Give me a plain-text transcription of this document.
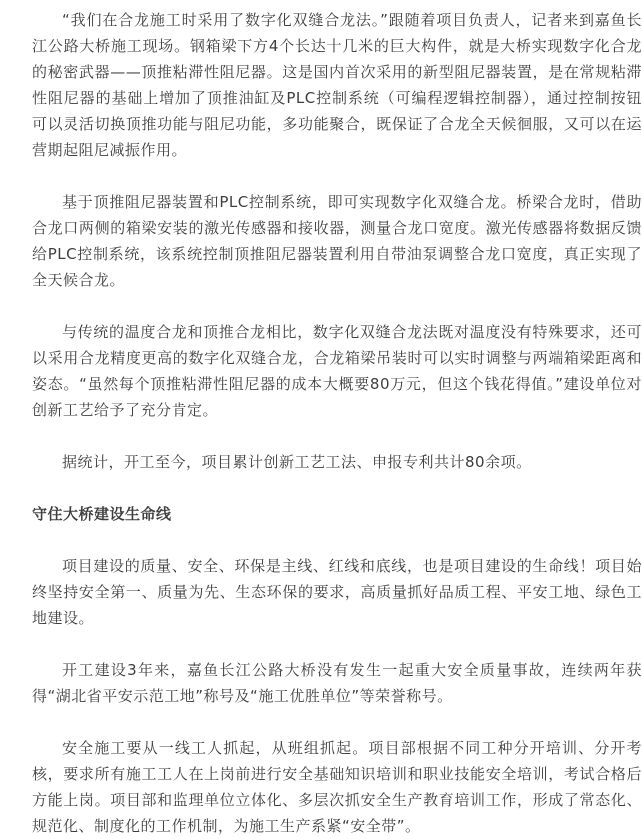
“我们在合龙施工时采用了数字化双缝合龙法。”跟随着项目负责人，记者来到嘉鱼长江公路大桥施工现场。钢箱梁下方4个长达十几米的巨大构件，就是大桥实现数字化合龙的秘密武器——顶推粘滞性阻尼器。这是国内首次采用的新型阻尼器装置，是在常规粘滞性阻尼器的基础上增加了顶推油缸及PLC控制系统（可编程逻辑控制器），通过控制按钮可以灵活切换顶推功能与阻尼功能，多功能聚合，既保证了合龙全天候徊服，又可以在运营期起阻尼减振作用。

基于顶推阻尼器装置和PLC控制系统，即可实现数字化双缝合龙。桥梁合龙时，借助合龙口两侧的箱梁安装的激光传感器和接收器，测量合龙口宽度。激光传感器将数据反馈给PLC控制系统，该系统控制顶推阻尼器装置利用自带油泵调整合龙口宽度，真正实现了全天候合龙。

与传统的温度合龙和顶推合龙相比，数字化双缝合龙法既对温度没有特殊要求，还可以采用合龙精度更高的数字化双缝合龙，合龙箱梁吊装时可以实时调整与两端箱梁距离和姿态。“虽然每个顶推粘滞性阻尼器的成本大概要80万元，但这个钱花得值。”建设单位对创新工艺给予了充分肯定。

据统计，开工至今，项目累计创新工艺工法、申报专利共计80余项。

守住大桥建设生命线

项目建设的质量、安全、环保是主线、红线和底线，也是项目建设的生命线！项目始终坚持安全第一、质量为先、生态环保的要求，高质量抓好品质工程、平安工地、绿色工地建设。

开工建设3年来，嘉鱼长江公路大桥没有发生一起重大安全质量事故，连续两年获得“湖北省平安示范工地”称号及“施工优胜单位”等荣誉称号。

安全施工要从一线工人抓起，从班组抓起。项目部根据不同工种分开培训、分开考核，要求所有施工工人在上岗前进行安全基础知识培训和职业技能安全培训，考试合格后方能上岗。项目部和监理单位立体化、多层次抓安全生产教育培训工作，形成了常态化、规范化、制度化的工作机制，为施工生产系紧“安全带”。
